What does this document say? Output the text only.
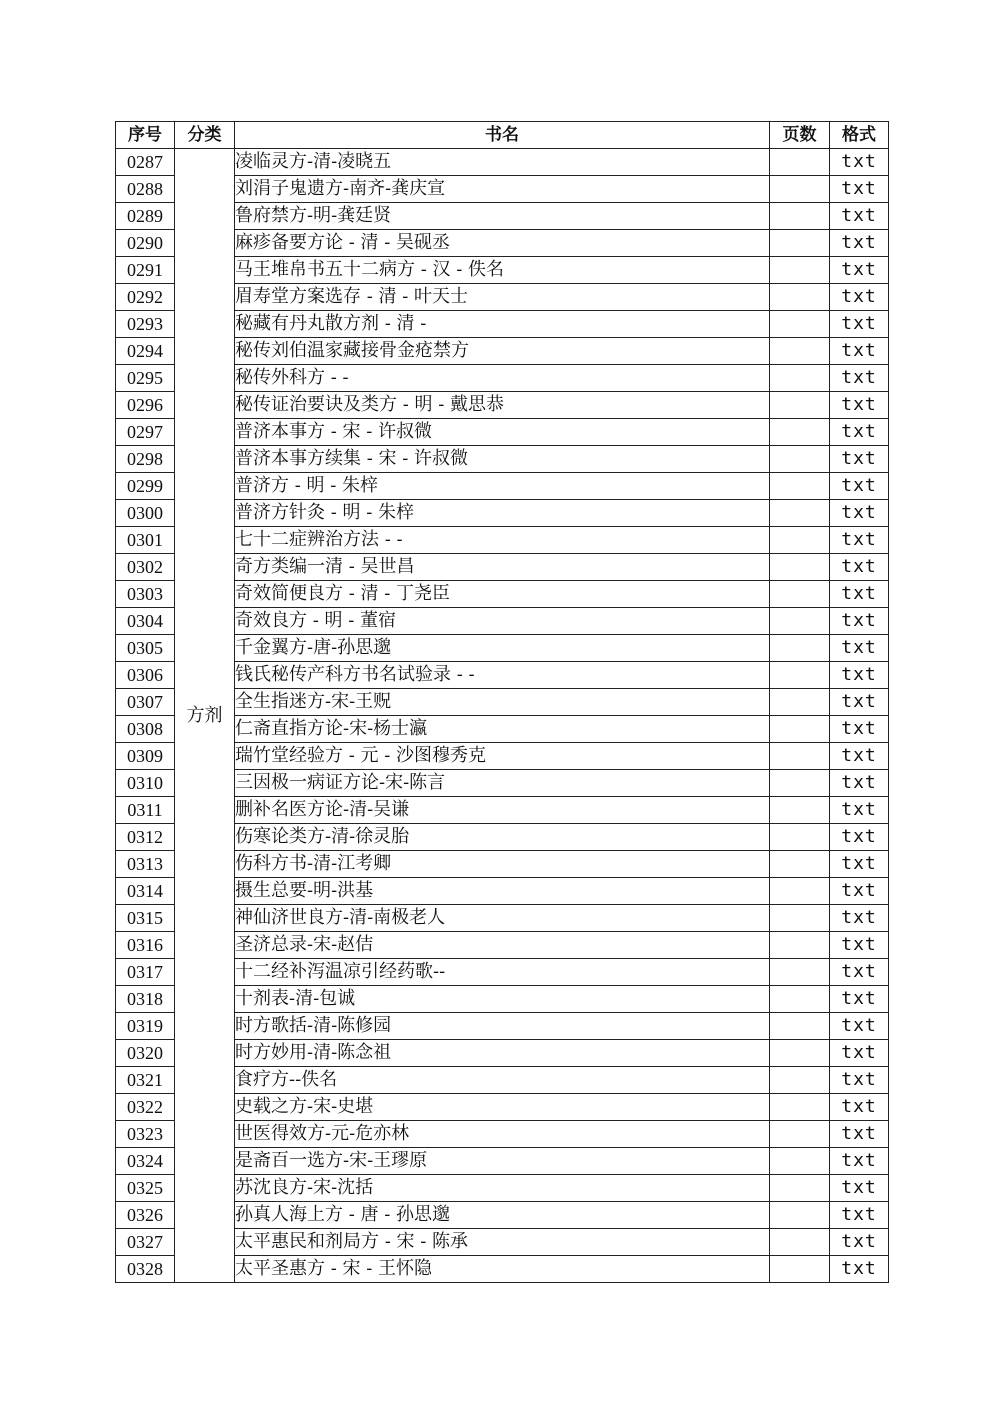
序号	分类	书名	页数	格式
0287	方剂	凌临灵方-清-凌晓五		txt
0288		刘涓子鬼遗方-南齐-龚庆宣		txt
0289		鲁府禁方-明-龚廷贤		txt
0290		麻疹备要方论 - 清 - 吴砚丞		txt
0291		马王堆帛书五十二病方 - 汉 - 佚名		txt
0292		眉寿堂方案选存 - 清 - 叶天士		txt
0293		秘藏有丹丸散方剂 - 清 -		txt
0294		秘传刘伯温家藏接骨金疮禁方		txt
0295		秘传外科方 - -		txt
0296		秘传证治要诀及类方 - 明 - 戴思恭		txt
0297		普济本事方 - 宋 - 许叔微		txt
0298		普济本事方续集 - 宋 - 许叔微		txt
0299		普济方 - 明 - 朱梓		txt
0300		普济方针灸 - 明 - 朱梓		txt
0301		七十二症辨治方法 - -		txt
0302		奇方类编一清 - 吴世昌		txt
0303		奇效简便良方 - 清 - 丁尧臣		txt
0304		奇效良方 - 明 - 董宿		txt
0305		千金翼方-唐-孙思邈		txt
0306		钱氏秘传产科方书名试验录 - -		txt
0307		全生指迷方-宋-王贶		txt
0308		仁斋直指方论-宋-杨士瀛		txt
0309		瑞竹堂经验方 - 元 - 沙图穆秀克		txt
0310		三因极一病证方论-宋-陈言		txt
0311		删补名医方论-清-吴谦		txt
0312		伤寒论类方-清-徐灵胎		txt
0313		伤科方书-清-江考卿		txt
0314		摄生总要-明-洪基		txt
0315		神仙济世良方-清-南极老人		txt
0316		圣济总录-宋-赵佶		txt
0317		十二经补泻温凉引经药歌--		txt
0318		十剂表-清-包诚		txt
0319		时方歌括-清-陈修园		txt
0320		时方妙用-清-陈念祖		txt
0321		食疗方--佚名		txt
0322		史载之方-宋-史堪		txt
0323		世医得效方-元-危亦林		txt
0324		是斋百一选方-宋-王璆原		txt
0325		苏沈良方-宋-沈括		txt
0326		孙真人海上方 - 唐 - 孙思邈		txt
0327		太平惠民和剂局方 - 宋 - 陈承		txt
0328		太平圣惠方 - 宋 - 王怀隐		txt
